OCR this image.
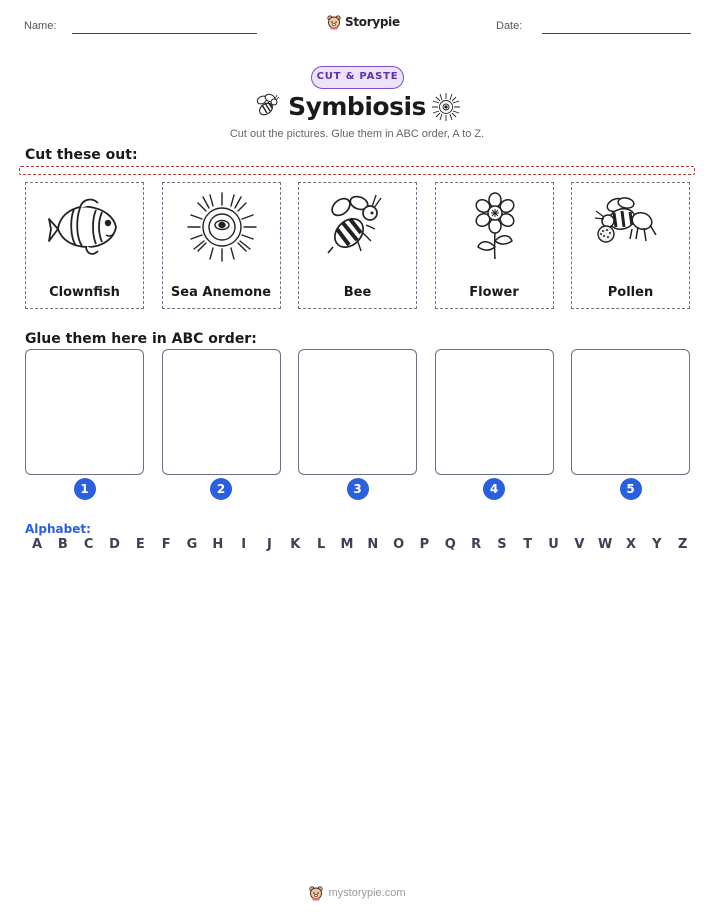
Name:	Storypie	Date:
CUT & PASTE
Symbiosis
Cut out the pictures. Glue them in ABC order, A to Z.
Cut these out:
Clownfish	Sea Anemone	Bee	Flower	Pollen
Glue them here in ABC order:
1	2	3	4	5
Alphabet:
A	B	C	D	E	F	G	H	I	J	K	L	M	N	O	P	Q	R	S	T	U	V	W	X	Y	Z
mystorypie.com
